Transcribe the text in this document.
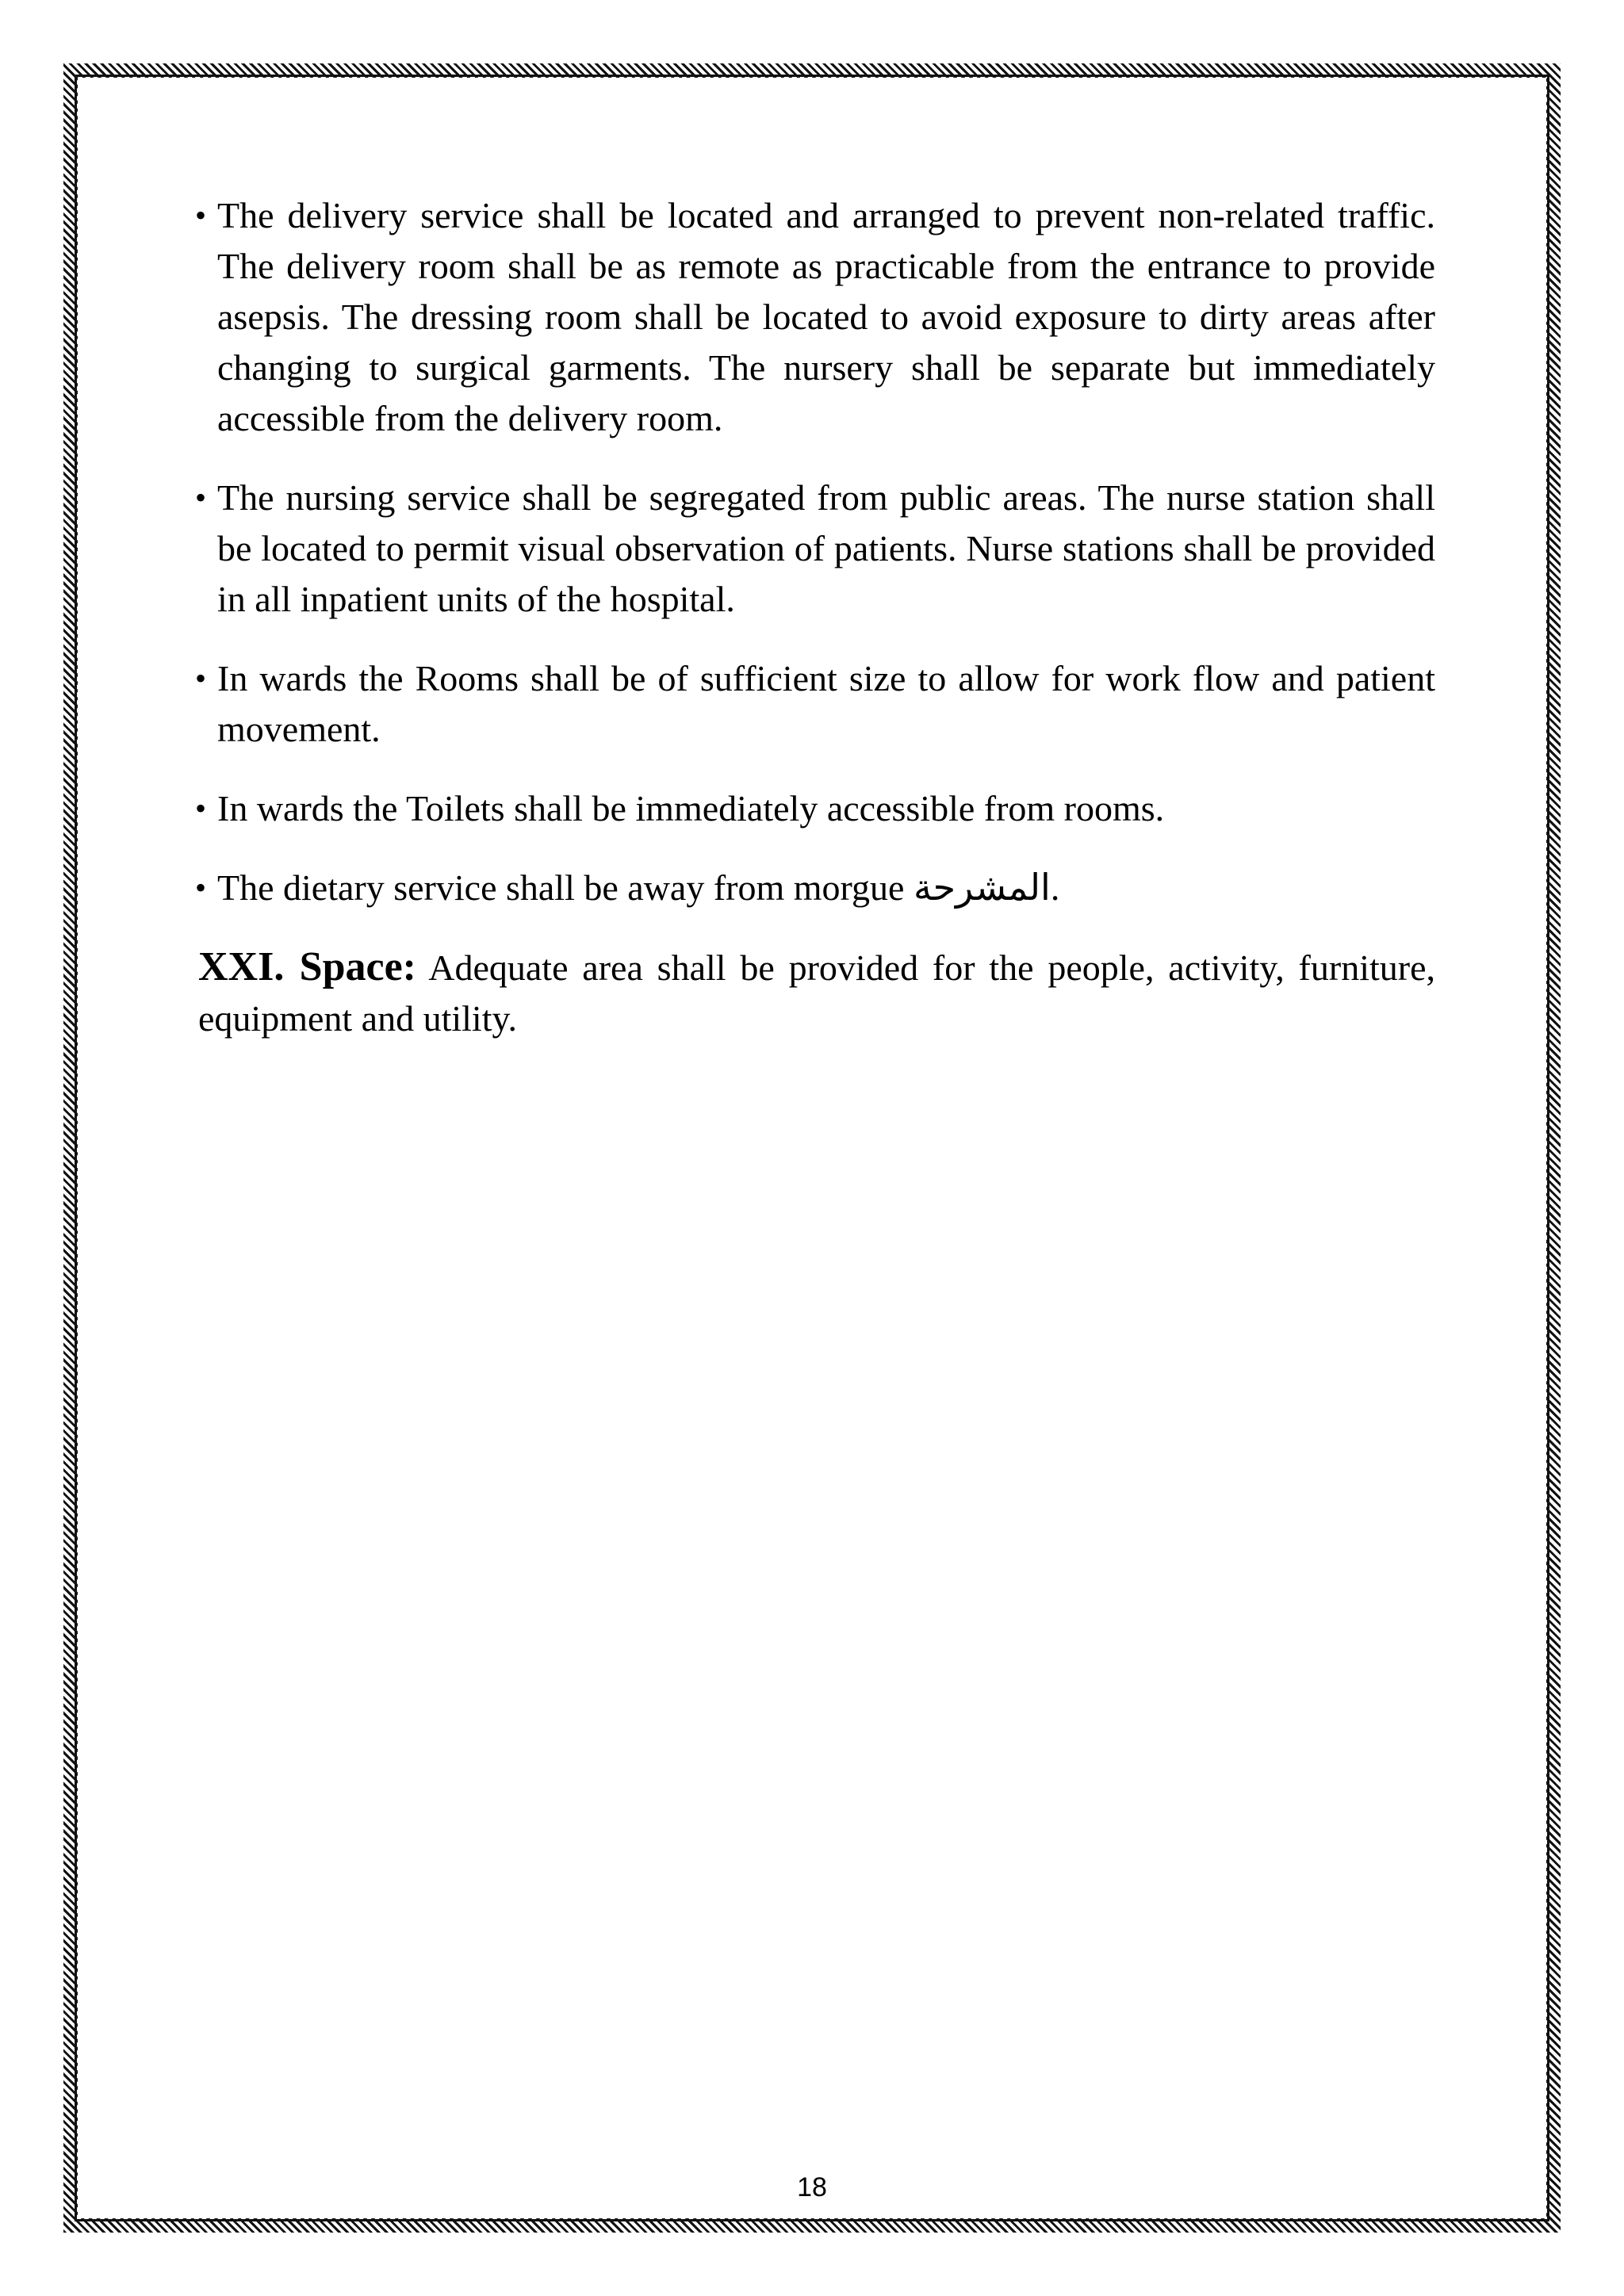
• The delivery service shall be located and arranged to prevent non-related traffic. The delivery room shall be as remote as practicable from the entrance to provide asepsis. The dressing room shall be located to avoid exposure to dirty areas after changing to surgical garments. The nursery shall be separate but immediately accessible from the delivery room.
• The nursing service shall be segregated from public areas. The nurse station shall be located to permit visual observation of patients. Nurse stations shall be provided in all inpatient units of the hospital.
• In wards the Rooms shall be of sufficient size to allow for work flow and patient movement.
• In wards the Toilets shall be immediately accessible from rooms.
• The dietary service shall be away from morgue المشرحة.
XXI. Space: Adequate area shall be provided for the people, activity, furniture, equipment and utility.
18
